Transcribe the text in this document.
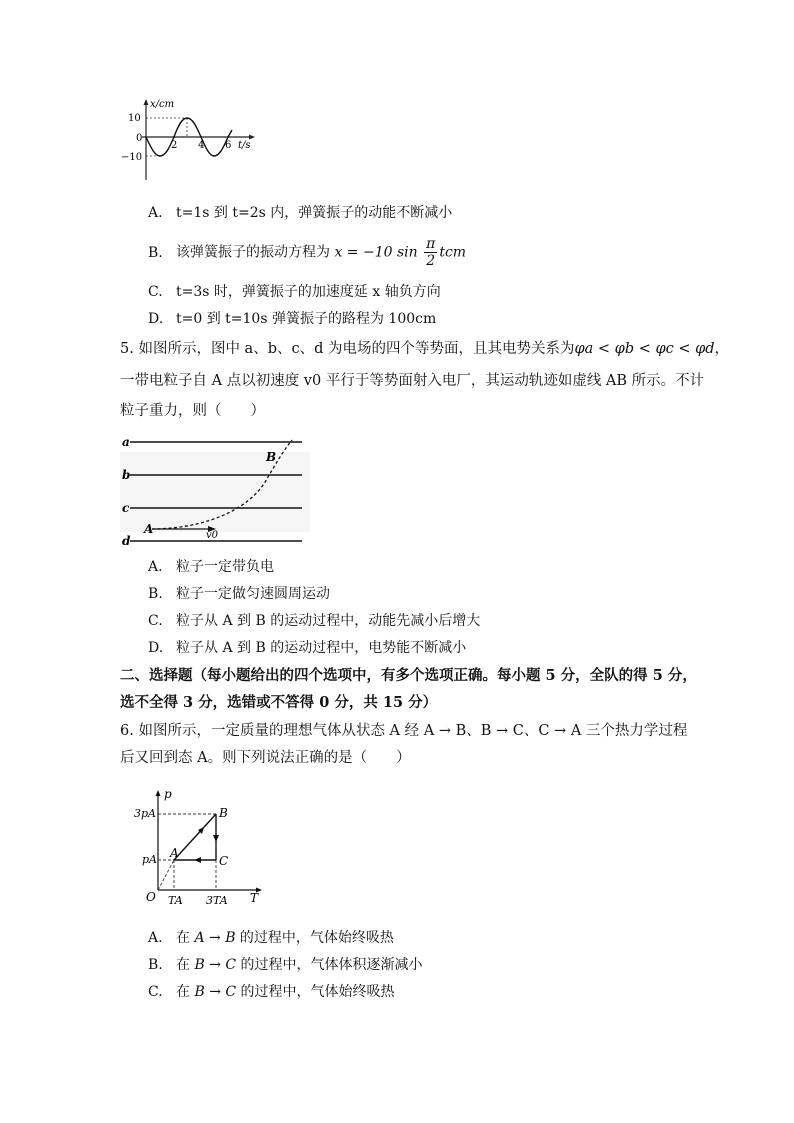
x/cm
t/s
10
0
−10
2 4 6
A. t=1s 到 t=2s 内，弹簧振子的动能不断减小
B. 该弹簧振子的振动方程为 x = −10 $\sin \frac{\pi}{2}$ tcm
C. t=3s 时，弹簧振子的加速度延 x 轴负方向
D. t=0 到 t=10s 弹簧振子的路程为 100cm
5. 如图所示，图中 a、b、c、d 为电场的四个等势面，且其电势关系为φa < φb < φc < φd，
一带电粒子自 A 点以初速度 v0 平行于等势面射入电厂，其运动轨迹如虚线 AB 所示。不计
粒子重力，则（　　）
a
b
c
d	v0
A
B
A. 粒子一定带负电
B. 粒子一定做匀速圆周运动
C. 粒子从 A 到 B 的运动过程中，动能先减小后增大
D. 粒子从 A 到 B 的运动过程中，电势能不断减小
二、选择题（每小题给出的四个选项中，有多个选项正确。每小题 5 分，全队的得 5 分，
选不全得 3 分，选错或不答得 0 分，共 15 分）
6. 如图所示，一定质量的理想气体从状态 A 经 A → B、B → C、C → A 三个热力学过程
后又回到态 A。则下列说法正确的是（　　）
p
T
O
3pA
pA
TA 3TA
A
B
C
A. 在 A → B 的过程中，气体始终吸热
B. 在 B → C 的过程中，气体体积逐渐减小
C. 在 B → C 的过程中，气体始终吸热
